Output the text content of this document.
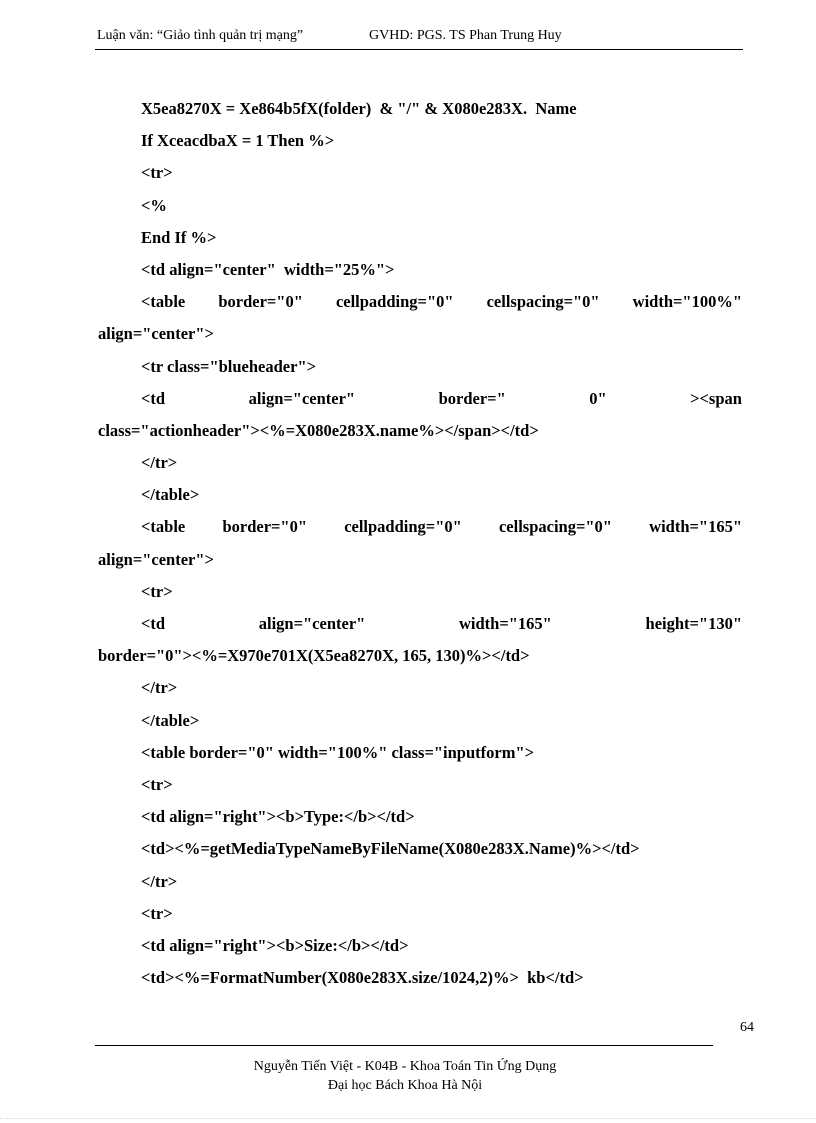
Luận văn: “Giảo tình quản trị mạng”	GVHD: PGS. TS Phan Trung Huy
X5ea8270X = Xe864b5fX(folder)  & "/" & X080e283X.  Name
If XceacdbaX = 1 Then %>
<tr>
<%
End If %>
<td align="center"  width="25%">
<table border="0" cellpadding="0" cellspacing="0" width="100%"
align="center">
<tr class="blueheader">
<td	align="center"	border="	0"	><span
class="actionheader"><%=X080e283X.name%></span></td>
</tr>
</table>
<table border="0" cellpadding="0" cellspacing="0" width="165"
align="center">
<tr>
<td	align="center"	width="165"	height="130"
border="0"><%=X970e701X(X5ea8270X, 165, 130)%></td>
</tr>
</table>
<table border="0" width="100%" class="inputform">
<tr>
<td align="right"><b>Type:</b></td>
<td><%=getMediaTypeNameByFileName(X080e283X.Name)%></td>
</tr>
<tr>
<td align="right"><b>Size:</b></td>
<td><%=FormatNumber(X080e283X.size/1024,2)%>  kb</td>
64
Nguyễn Tiến Việt - K04B - Khoa Toán Tin Ứng Dụng
Đại học Bách Khoa Hà Nội
